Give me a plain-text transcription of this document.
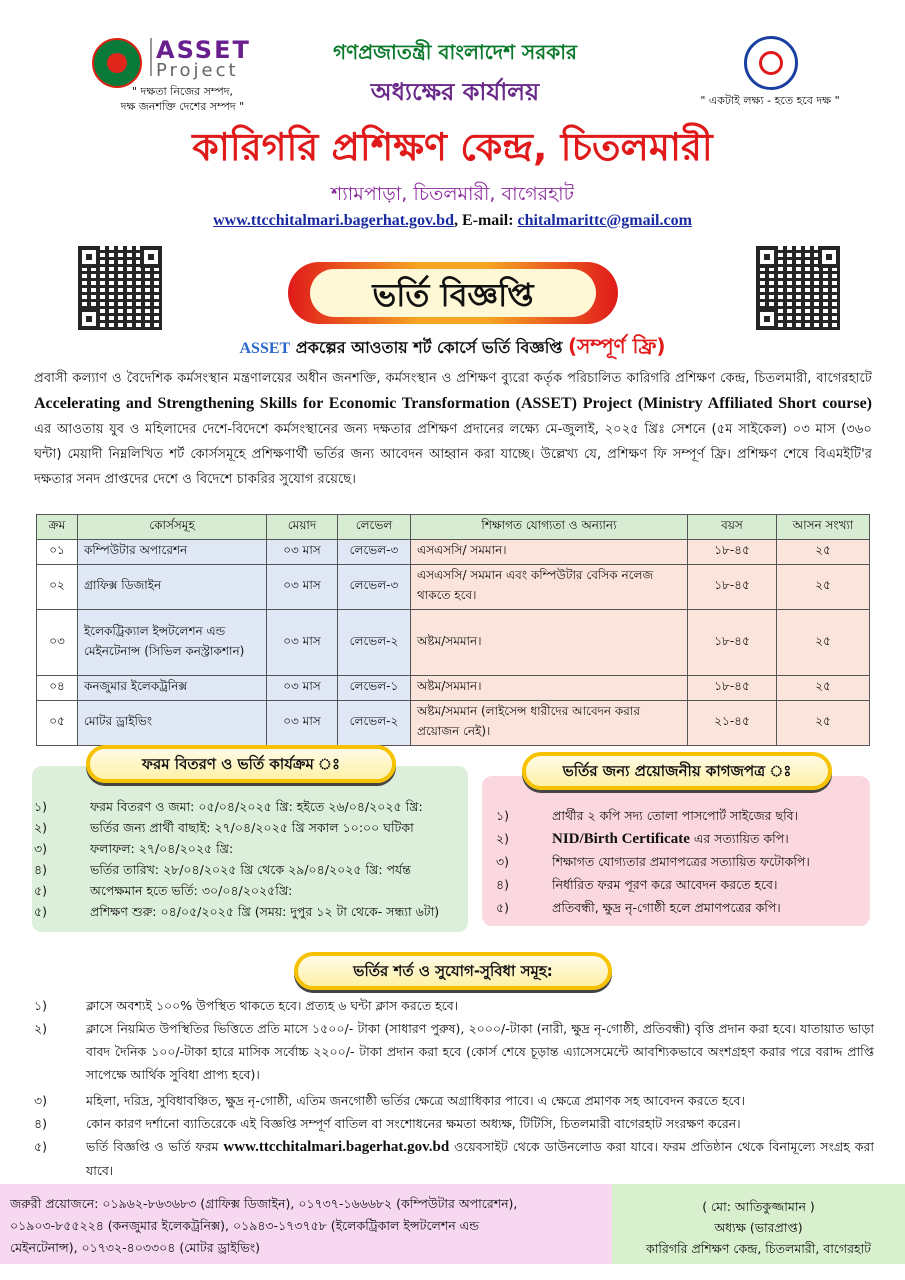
ASSET
Project
" দক্ষতা নিজের সম্পদ,
দক্ষ জনশক্তি দেশের সম্পদ "
গণপ্রজাতন্ত্রী বাংলাদেশ সরকার
অধ্যক্ষের কার্যালয়
কারিগরি প্রশিক্ষণ কেন্দ্র, চিতলমারী
শ্যামপাড়া, চিতলমারী, বাগেরহাট
www.ttcchitalmari.bagerhat.gov.bd, E-mail: chitalmarittc@gmail.com
" একটাই লক্ষ্য - হতে হবে দক্ষ "
ভর্তি বিজ্ঞপ্তি
ASSET প্রকল্পের আওতায় শর্ট কোর্সে ভর্তি বিজ্ঞপ্তি (সম্পূর্ণ ফ্রি)
প্রবাসী কল্যাণ ও বৈদেশিক কর্মসংস্থান মন্ত্রণালয়ের অধীন জনশক্তি, কর্মসংস্থান ও প্রশিক্ষণ ব্যুরো কর্তৃক পরিচালিত কারিগরি প্রশিক্ষণ কেন্দ্র, চিতলমারী, বাগেরহাটে Accelerating and Strengthening Skills for Economic Transformation (ASSET) Project (Ministry Affiliated Short course) এর আওতায় যুব ও মহিলাদের দেশে-বিদেশে কর্মসংস্থানের জন্য দক্ষতার প্রশিক্ষণ প্রদানের লক্ষ্যে মে-জুলাই, ২০২৫ খ্রিঃ সেশনে (৫ম সাইকেল) ০৩ মাস (৩৬০ ঘন্টা) মেয়াদী নিম্নলিখিত শর্ট কোর্সসমূহে প্রশিক্ষণার্থী ভর্তির জন্য আবেদন আহ্বান করা যাচ্ছে। উল্লেখ্য যে, প্রশিক্ষণ ফি সম্পূর্ণ ফ্রি। প্রশিক্ষণ শেষে বিএমইটি'র দক্ষতার সনদ প্রাপ্তদের দেশে ও বিদেশে চাকরির সুযোগ রয়েছে।
ক্রম	কোর্সসমূহ	মেয়াদ	লেভেল	শিক্ষাগত যোগ্যতা ও অন্যান্য	বয়স	আসন সংখ্যা
০১	কম্পিউটার অপারেশন	০৩ মাস	লেভেল-৩	এসএসসি/ সমমান।	১৮-৪৫	২৫
০২	গ্রাফিক্স ডিজাইন	০৩ মাস	লেভেল-৩	এসএসসি/ সমমান এবং কম্পিউটার বেসিক নলেজ থাকতে হবে।	১৮-৪৫	২৫
০৩	ইলেকট্রিক্যাল ইন্সটলেশন এন্ড মেইনটেনান্স (সিভিল কনস্ট্রাকশান)	০৩ মাস	লেভেল-২	অষ্টম/সমমান।	১৮-৪৫	২৫
০৪	কনজুমার ইলেকট্রনিক্স	০৩ মাস	লেভেল-১	অষ্টম/সমমান।	১৮-৪৫	২৫
০৫	মোটর ড্রাইভিং	০৩ মাস	লেভেল-২	অষ্টম/সমমান (লাইসেন্স ধারীদের আবেদন করার প্রয়োজন নেই)।	২১-৪৫	২৫
ফরম বিতরণ ও ভর্তি কার্যক্রম ঃ	ভর্তির জন্য প্রয়োজনীয় কাগজপত্র ঃ
১)	ফরম বিতরণ ও জমা: ০৫/০৪/২০২৫ খ্রি: হইতে ২৬/০৪/২০২৫ খ্রি:
২)	ভর্তির জন্য প্রার্থী বাছাই: ২৭/০৪/২০২৫ খ্রি সকাল ১০:০০ ঘটিকা
৩)	ফলাফল: ২৭/০৪/২০২৫ খ্রি:
৪)	ভর্তির তারিখ: ২৮/০৪/২০২৫ খ্রি থেকে ২৯/০৪/২০২৫ খ্রি: পর্যন্ত
৫)	অপেক্ষমান হতে ভর্তি: ৩০/০৪/২০২৫খ্রি:
৫)	প্রশিক্ষণ শুরু: ০৪/০৫/২০২৫ খ্রি (সময়: দুপুর ১২ টা থেকে- সন্ধ্যা ৬টা)
১)	প্রার্থীর ২ কপি সদ্য তোলা পাসপোর্ট সাইজের ছবি।
২)	NID/Birth Certificate এর সত্যায়িত কপি।
৩)	শিক্ষাগত যোগ্যতার প্রমাণপত্রের সত্যায়িত ফটোকপি।
৪)	নির্ধারিত ফরম পূরণ করে আবেদন করতে হবে।
৫)	প্রতিবন্ধী, ক্ষুদ্র নৃ-গোষ্ঠী হলে প্রমাণপত্রের কপি।
ভর্তির শর্ত ও সুযোগ-সুবিধা সমূহ:
১)	ক্লাসে অবশ্যই ১০০% উপস্থিত থাকতে হবে। প্রত্যহ ৬ ঘন্টা ক্লাস করতে হবে।
২)	ক্লাসে নিয়মিত উপস্থিতির ভিত্তিতে প্রতি মাসে ১৫০০/- টাকা (সাধারণ পুরুষ), ২০০০/-টাকা (নারী, ক্ষুদ্র নৃ-গোষ্ঠী, প্রতিবন্ধী) বৃত্তি প্রদান করা হবে। যাতায়াত ভাড়া বাবদ দৈনিক ১০০/-টাকা হারে মাসিক সর্বোচ্চ ২২০০/- টাকা প্রদান করা হবে (কোর্স শেষে চূড়ান্ত এ্যাসেসমেন্টে আবশ্যিকভাবে অংশগ্রহণ করার পরে বরাদ্দ প্রাপ্তি সাপেক্ষে আর্থিক সুবিধা প্রাপ্য হবে)।
৩)	মহিলা, দরিদ্র, সুবিধাবঞ্চিত, ক্ষুদ্র নৃ-গোষ্ঠী, এতিম জনগোষ্ঠী ভর্তির ক্ষেত্রে অগ্রাধিকার পাবে। এ ক্ষেত্রে প্রমাণক সহ আবেদন করতে হবে।
৪)	কোন কারণ দর্শানো ব্যাতিরেকে এই বিজ্ঞপ্তি সম্পূর্ণ বাতিল বা সংশোধনের ক্ষমতা অধ্যক্ষ, টিটিসি, চিতলমারী বাগেরহাট সংরক্ষণ করেন।
৫)	ভর্তি বিজ্ঞপ্তি ও ভর্তি ফরম www.ttcchitalmari.bagerhat.gov.bd ওয়েবসাইট থেকে ডাউনলোড করা যাবে। ফরম প্রতিষ্ঠান থেকে বিনামূল্যে সংগ্রহ করা যাবে।
জরুরী প্রয়োজনে: ০১৯৬২-৮৬৩৬৮৩ (গ্রাফিক্স ডিজাইন), ০১৭৩৭-১৬৬৬৮২ (কম্পিউটার অপারেশন),
০১৯০৩-৮৫৫২২৪ (কনজুমার ইলেকট্রনিক্স), ০১৯৪৩-১৭৩৭৫৮ (ইলেকট্রিকাল ইন্সটলেশন এন্ড
মেইনটেনান্স), ০১৭৩২-৪০৩৩০৪ (মোটর ড্রাইভিং)
( মো: আতিকুজ্জামান )
অধ্যক্ষ (ভারপ্রাপ্ত)
কারিগরি প্রশিক্ষণ কেন্দ্র, চিতলমারী, বাগেরহাট
